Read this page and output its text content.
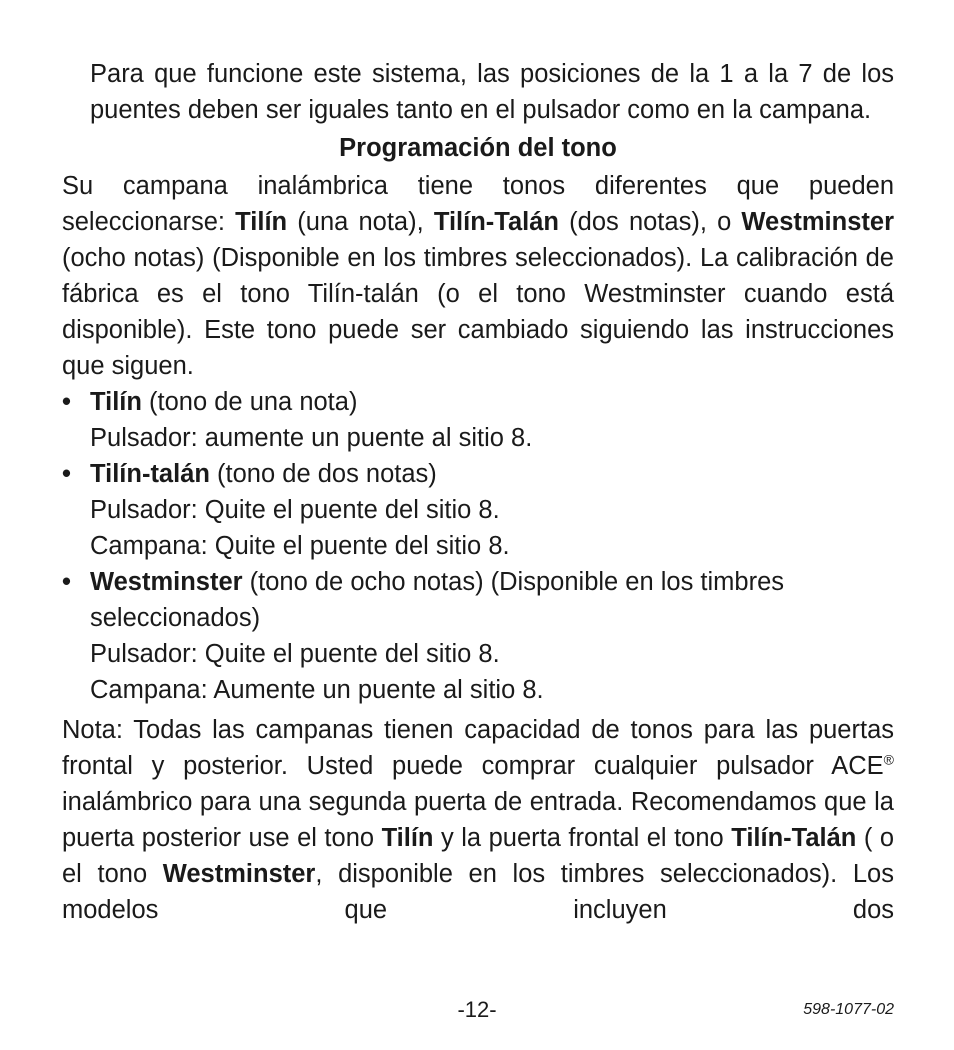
Para que funcione este sistema, las posiciones de la 1 a la 7 de los puentes deben ser iguales tanto en el pulsador como en la campana.

Programación del tono

Su campana inalámbrica tiene tonos diferentes que pueden seleccionarse: Tilín (una nota), Tilín-Talán (dos notas), o Westminster (ocho notas) (Disponible en los timbres seleccionados). La calibración de fábrica es el tono Tilín-talán (o el tono Westminster cuando está disponible). Este tono puede ser cambiado siguiendo las instrucciones que siguen.

• Tilín (tono de una nota)
Pulsador: aumente un puente al sitio 8.
• Tilín-talán (tono de dos notas)
Pulsador: Quite el puente del sitio 8.
Campana: Quite el puente del sitio 8.
• Westminster (tono de ocho notas) (Disponible en los timbres seleccionados)
Pulsador: Quite el puente del sitio 8.
Campana: Aumente un puente al sitio 8.

Nota: Todas las campanas tienen capacidad de tonos para las puertas frontal y posterior. Usted puede comprar cualquier pulsador ACE® inalámbrico para una segunda puerta de entrada. Recomendamos que la puerta posterior use el tono Tilín y la puerta frontal el tono Tilín-Talán ( o el tono Westminster, disponible en los timbres seleccionados). Los modelos que incluyen dos

-12-	598-1077-02
